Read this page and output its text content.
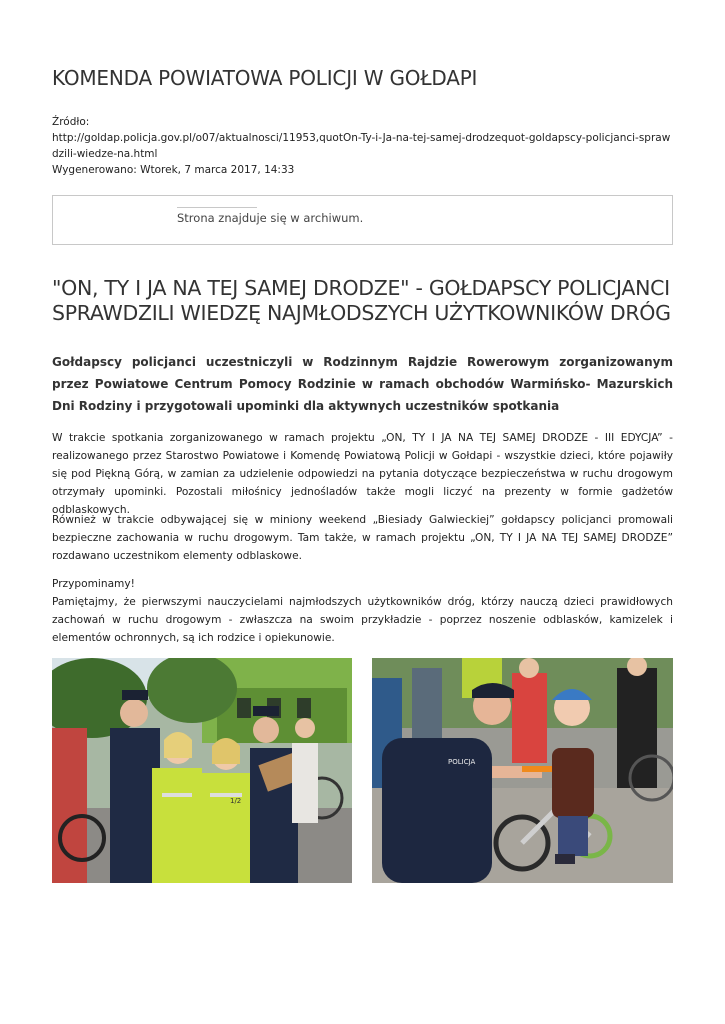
KOMENDA POWIATOWA POLICJI W GOŁDAPI
Źródło:
http://goldap.policja.gov.pl/o07/aktualnosci/11953,quotOn-Ty-i-Ja-na-tej-samej-drodzequot-goldapscy-policjanci-sprawdzili-wiedze-na.html
Wygenerowano: Wtorek, 7 marca 2017, 14:33
Strona znajduje się w archiwum.
"ON, TY I JA NA TEJ SAMEJ DRODZE" - GOŁDAPSCY POLICJANCI SPRAWDZILI WIEDZĘ NAJMŁODSZYCH UŻYTKOWNIKÓW DRÓG

Gołdapscy policjanci uczestniczyli w Rodzinnym Rajdzie Rowerowym zorganizowanym przez Powiatowe Centrum Pomocy Rodzinie w ramach obchodów Warmińsko- Mazurskich Dni Rodziny i przygotowali upominki dla aktywnych uczestników spotkania

W trakcie spotkania zorganizowanego w ramach projektu „ON, TY I JA NA TEJ SAMEJ DRODZE - III EDYCJA” - realizowanego przez Starostwo Powiatowe i Komendę Powiatową Policji w Gołdapi - wszystkie dzieci, które pojawiły się pod Piękną Górą, w zamian za udzielenie odpowiedzi na pytania dotyczące bezpieczeństwa w ruchu drogowym otrzymały upominki. Pozostali miłośnicy jednośladów także mogli liczyć na prezenty w formie gadżetów odblaskowych.

Również w trakcie odbywającej się w miniony weekend „Biesiady Galwieckiej” gołdapscy policjanci promowali bezpieczne zachowania w ruchu drogowym. Tam także, w ramach projektu „ON, TY I JA NA TEJ SAMEJ DRODZE” rozdawano uczestnikom elementy odblaskowe.

Przypominamy!
Pamiętajmy, że pierwszymi nauczycielami najmłodszych użytkowników dróg, którzy nauczą dzieci prawidłowych zachowań w ruchu drogowym - zwłaszcza na swoim przykładzie - poprzez noszenie odblasków, kamizelek i elementów ochronnych, są ich rodzice i opiekunowie.

1/2
POLICJA
